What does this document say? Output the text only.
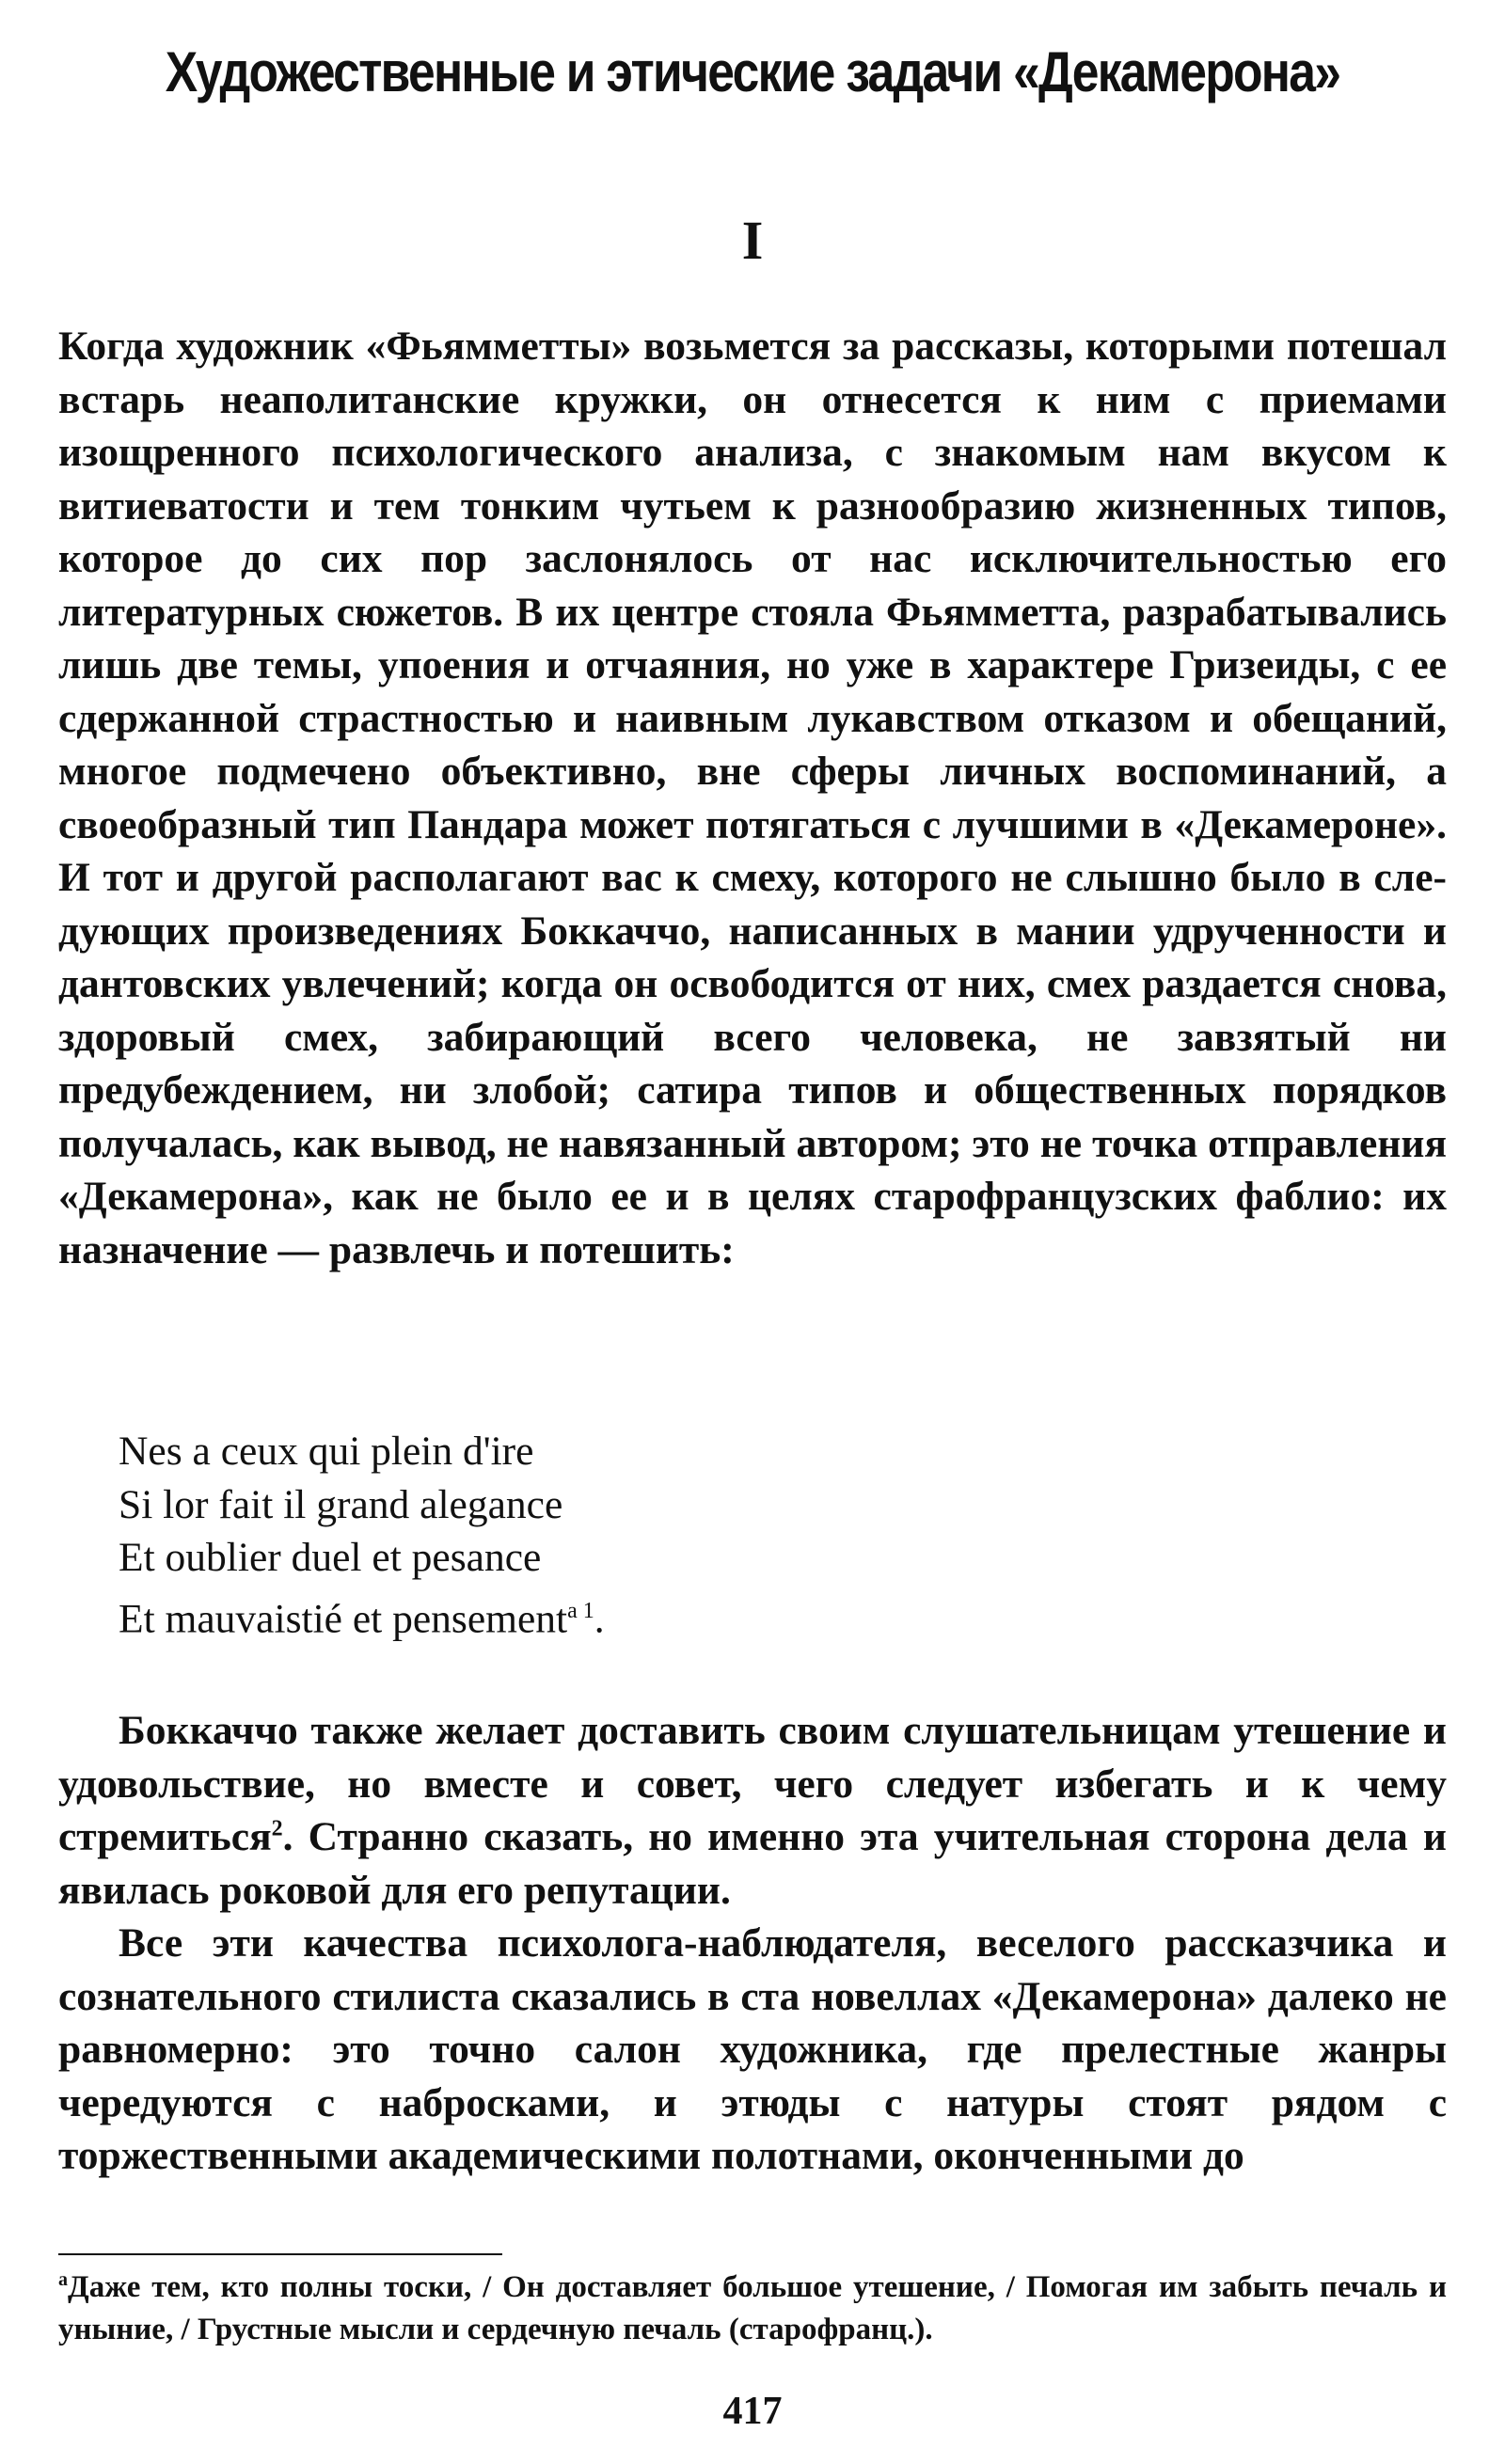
Художественные и этические задачи «Декамерона»
I

Когда художник «Фьямметты» возьмется за рассказы, которыми потешал встарь неаполитанские кружки, он отнесется к ним с приемами изощренного психологического анализа, с знакомым нам вкусом к витиеватости и тем тонким чутьем к разнообразию жизненных типов, которое до сих пор заслонялось от нас исключительностью его литературных сюжетов. В их центре стояла Фьямметта, разрабатывались лишь две темы, упоения и отчаяния, но уже в характере Гризеиды, с ее сдержанной страстностью и наивным лукавством отказом и обещаний, многое подмечено объективно, вне сферы личных воспоминаний, а своеобразный тип Пандара может потягаться с лучшими в «Декамероне». И тот и другой располагают вас к смеху, которого не слышно было в следующих произведениях Боккаччо, написанных в мании удрученности и дантовских увлечений; когда он освободится от них, смех раздается снова, здоровый смех, забирающий всего человека, не завзятый ни предубеждением, ни злобой; сатира типов и общественных порядков получалась, как вывод, не навязанный автором; это не точка отправления «Декамерона», как не было ее и в целях старофранцузских фаблио: их назначение — развлечь и потешить:

Nes a ceux qui plein d'ire
Si lor fait il grand alegance
Et oublier duel et pesance
Et mauvaistié et pensement$^{a 1}$.

Боккаччо также желает доставить своим слушательницам утешение и удовольствие, но вместе и совет, чего следует избегать и к чему стремиться$^2$. Странно сказать, но именно эта учительная сторона дела и явилась роковой для его репутации.

Все эти качества психолога-наблюдателя, веселого рассказчика и сознательного стилиста сказались в ста новеллах «Декамерона» далеко не равномерно: это точно салон художника, где прелестные жанры чередуются с набросками, и этюды с натуры стоят рядом с торжественными академическими полотнами, оконченными до

$^a$Даже тем, кто полны тоски, / Он доставляет большое утешение, / Помогая им забыть печаль и уныние, / Грустные мысли и сердечную печаль (старофранц.).

417
